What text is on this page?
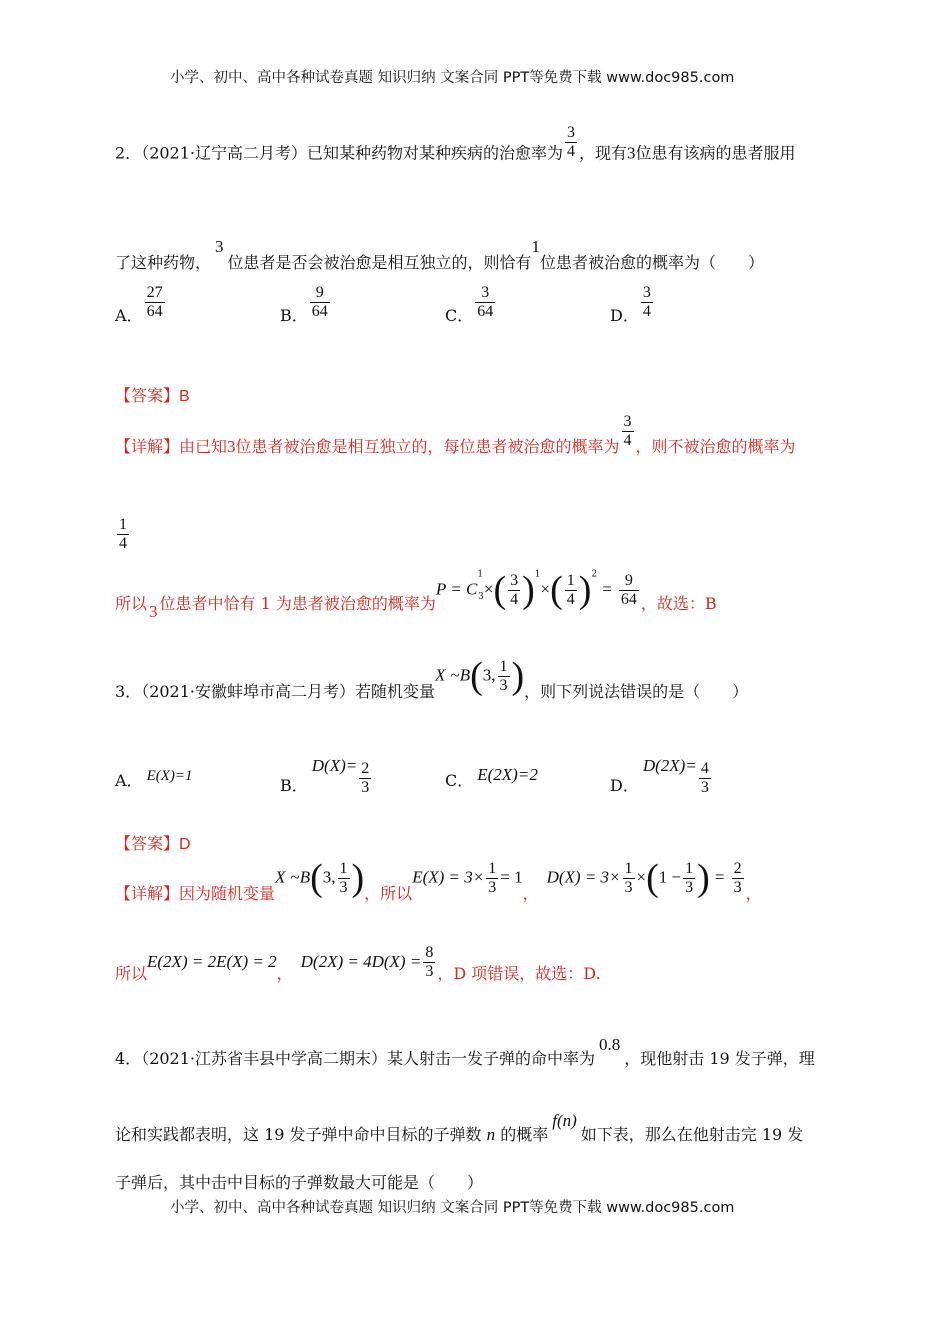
小学、初中、高中各种试卷真题 知识归纳 文案合同 PPT等免费下载 www.doc985.com
2．（2021·辽宁高二月考）已知某种药物对某种疾病的治愈率为 $\frac{3}{4}$ ，现有3位患有该病的患者服用
了这种药物，3位患者是否会被治愈是相互独立的，则恰有1位患者被治愈的概率为（　　）
A． $\frac{27}{64}$	B． $\frac{9}{64}$	C． $\frac{3}{64}$	D． $\frac{3}{4}$
【答案】B
【详解】由已知3位患者被治愈是相互独立的，每位患者被治愈的概率为 $\frac{3}{4}$ ，则不被治愈的概率为
$\frac{1}{4}$
所以 3 位患者中恰有 1 为患者被治愈的概率为$P = C^1_3\times( \frac{3}{4} )^1\times( \frac{1}{4} )^2 = \frac{9}{64}$ ，故选：B
3．（2021·安徽蚌埠市高二月考）若随机变量X ~B(3, $\frac{1}{3}$ )，则下列说法错误的是（　　）
A． E(X)=1	B．$D(X)= \frac{2}{3}$	C． E(2X)=2
D．$D(2X)= \frac{4}{3}$
【答案】D
【详解】因为随机变量X ~B(3, $\frac{1}{3}$ )，所以$E(X) = 3\times \frac{1}{3} = 1$，$D(X) = 3\times \frac{1}{3} \times(1 - \frac{1}{3}$ ) = $\frac{2}{3}$ ，
所以E(2X) = 2E(X) = 2，$D(2X) = 4D(X) = \frac{8}{3}$ ，D 项错误，故选：D.
4．（2021·江苏省丰县中学高二期末）某人射击一发子弹的命中率为0.8，现他射击 19 发子弹，理
论和实践都表明，这 19 发子弹中命中目标的子弹数 n 的概率f(n)如下表，那么在他射击完 19 发
子弹后，其中击中目标的子弹数最大可能是（　　）
小学、初中、高中各种试卷真题 知识归纳 文案合同 PPT等免费下载 www.doc985.com
